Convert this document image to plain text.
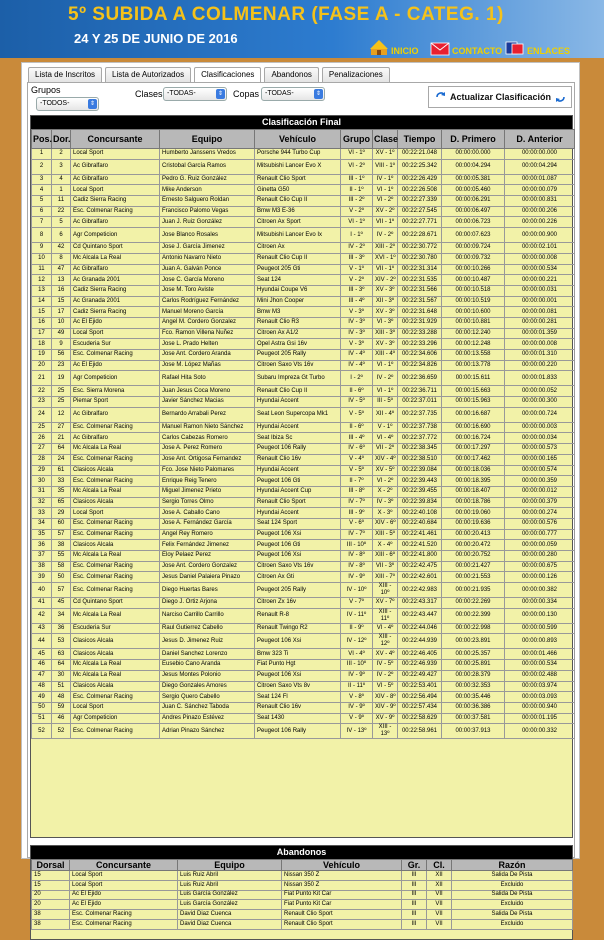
5º SUBIDA A COLMENAR (FASE A - CATEG. 1)
24 Y 25 DE JUNIO DE 2016
INICIO	CONTACTO	ENLACES
Lista de Inscritos	Lista de Autorizados	Clasificaciones	Abandonos	Penalizaciones
Grupos
-TODOS-	⇕
Clases -TODAS-	⇕ Copas -TODAS-	⇕	Actualizar Clasificación
Clasificación Final
Pos.	Dor.	Concursante	Equipo	Vehículo	Grupo	Clase	Tiempo	D. Primero	D. Anterior
1	2	Local Sport	Humberto Janssens Vredos	Porsche 944 Turbo Cup	VI - 1º	XV - 1º	00:22:21.048	00:00:00.000	00:00:00.000
2	3	Ac Gibralfaro	Cristobal García Ramos	Mitsubishi Lancer Evo X	VI - 2º	VIII - 1º	00:22:25.342	00:00:04.294	00:00:04.294
3	4	Ac Gibralfaro	Pedro G. Ruiz González	Renault Clio Sport	III - 1º	IV - 1º	00:22:26.429	00:00:05.381	00:00:01.087
4	1	Local Sport	Mike Anderson	Ginetta G50	II - 1º	VI - 1º	00:22:26.508	00:00:05.460	00:00:00.079
5	11	Cadiz Sierra Racing	Ernesto Salguero Roldan	Renault Clio Cup II	III - 2º	VI - 2º	00:22:27.339	00:00:06.291	00:00:00.831
6	22	Esc. Colmenar Racing	Francisco Palomo Vegas	Bmw M3 E-36	V - 2º	XV - 2º	00:22:27.545	00:00:06.497	00:00:00.206
7	5	Ac Gibralfaro	Juan J. Ruiz González	Citroen Ax Sport	VI - 1º	VII - 1º	00:22:27.771	00:00:06.723	00:00:00.226
8	6	Agr Competicion	Jose Blanco Rosales	Mitsubishi Lancer Evo Ix	I - 1º	IV - 2º	00:22:28.671	00:00:07.623	00:00:00.900
9	42	Cd Quintano Sport	Jose J. García Jimenez	Citroen Ax	IV - 2º	XIII - 2º	00:22:30.772	00:00:09.724	00:00:02.101
10	8	Mc Alcala La Real	Antonio Navarro Nieto	Renault Clio Cup II	III - 3º	XVI - 1º	00:22:30.780	00:00:09.732	00:00:00.008
11	47	Ac Gibralfaro	Juan A. Galván Ponce	Peugeot 205 Gti	V - 1º	VII - 1º	00:22:31.314	00:00:10.266	00:00:00.534
12	13	Ac Granada 2001	Jose C. García Moreno	Seat 124	V - 2º	XIV - 2º	00:22:31.535	00:00:10.487	00:00:00.221
13	16	Cadiz Sierra Racing	Jose M. Toro Aviste	Hyundai Coupe V6	III - 3º	XV - 3º	00:22:31.566	00:00:10.518	00:00:00.031
14	15	Ac Granada 2001	Carlos Rodríguez Fernández	Mini Jhon Cooper	III - 4º	XII - 3º	00:22:31.567	00:00:10.519	00:00:00.001
15	17	Cadiz Sierra Racing	Manuel Moreno García	Bmw M3	V - 3º	XV - 3º	00:22:31.648	00:00:10.600	00:00:00.081
16	10	Ac El Ejido	Angel M. Cordero Gonzalez	Renault Clio R3	IV - 3º	VI - 3º	00:22:31.929	00:00:10.881	00:00:00.281
17	49	Local Sport	Fco. Ramon Villena Nuñez	Citroen Ax A1/2	IV - 3º	XIII - 3º	00:22:33.288	00:00:12.240	00:00:01.359
18	9	Escuderia Sur	Jose L. Prado Helten	Opel Astra Gsi 16v	V - 3º	XV - 3º	00:22:33.296	00:00:12.248	00:00:00.008
19	56	Esc. Colmenar Racing	Jose Ant. Cordero Aranda	Peugeot 205 Rally	IV - 4º	XIII - 4º	00:22:34.606	00:00:13.558	00:00:01.310
20	23	Ac El Ejido	Jose M. López Mañas	Citroen Saxo Vts 16v	IV - 4º	VI - 1º	00:22:34.826	00:00:13.778	00:00:00.220
21	19	Agr Competicion	Rafael Hita Soto	Subaru Impreza Gt Turbo	I - 2º	IV - 2º	00:22:36.659	00:00:15.611	00:00:01.833
22	25	Esc. Sierra Morena	Juan Jesus Coca Moreno	Renault Clio Cup II	II - 6º	VI - 1º	00:22:36.711	00:00:15.663	00:00:00.052
23	25	Piemar Sport	Javier Sánchez Macias	Hyundai Accent	IV - 5º	III - 5º	00:22:37.011	00:00:15.963	00:00:00.300
24	12	Ac Gibralfaro	Bernardo Arrabali Perez	Seat Leon Supercopa Mk1	V - 5º	XII - 4º	00:22:37.735	00:00:16.687	00:00:00.724
25	27	Esc. Colmenar Racing	Manuel Ramon Nieto Sánchez	Hyundai Accent	II - 6º	V - 1º	00:22:37.738	00:00:16.690	00:00:00.003
26	21	Ac Gibralfaro	Carlos Cabezas Romero	Seat Ibiza Sc	III - 4º	VI - 4º	00:22:37.772	00:00:16.724	00:00:00.034
27	64	Mc Alcala La Real	Jose A. Perez Romero	Peugeot 106 Rally	IV - 6º	VII - 2º	00:22:38.345	00:00:17.297	00:00:00.573
28	24	Esc. Colmenar Racing	Jose Ant. Ortigosa Fernandez	Renault Clio 16v	V - 4º	XIV - 4º	00:22:38.510	00:00:17.462	00:00:00.165
29	61	Clasicos Alcala	Fco. Jose Nieto Palomares	Hyundai Accent	V - 5º	XV - 5º	00:22:39.084	00:00:18.036	00:00:00.574
30	33	Esc. Colmenar Racing	Enrique Reig Tenero	Peugeot 106 Gti	II - 7º	VI - 2º	00:22:39.443	00:00:18.395	00:00:00.359
31	35	Mc Alcala La Real	Miguel Jimenez Prieto	Hyundai Accent Cup	III - 8º	X - 2º	00:22:39.455	00:00:18.407	00:00:00.012
32	65	Clasicos Alcala	Sergio Torres Olmo	Renault Clio Sport	IV - 7º	IV - 3º	00:22:39.834	00:00:18.786	00:00:00.379
33	29	Local Sport	Jose A. Caballo Cano	Hyundai Accent	III - 9º	X - 3º	00:22:40.108	00:00:19.060	00:00:00.274
34	60	Esc. Colmenar Racing	Jose A. Fernández García	Seat 124 Sport	V - 6º	XIV - 6º	00:22:40.684	00:00:19.636	00:00:00.576
35	57	Esc. Colmenar Racing	Angel Rey Romero	Peugeot 106 Xsi	IV - 7º	XIII - 5º	00:22:41.461	00:00:20.413	00:00:00.777
36	38	Clasicos Alcala	Felix Fernández Jimenez	Peugeot 106 Gti	III - 10º	X - 4º	00:22:41.520	00:00:20.472	00:00:00.059
37	55	Mc Alcala La Real	Eloy Pelaez Perez	Peugeot 106 Xsi	IV - 8º	XIII - 6º	00:22:41.800	00:00:20.752	00:00:00.280
38	58	Esc. Colmenar Racing	Jose Ant. Cordero Gonzalez	Citroen Saxo Vts 16v	IV - 8º	VII - 3º	00:22:42.475	00:00:21.427	00:00:00.675
39	50	Esc. Colmenar Racing	Jesus Daniel Palaiera Pinazo	Citroen Ax Gti	IV - 9º	XIII - 7º	00:22:42.601	00:00:21.553	00:00:00.126
40	57	Esc. Colmenar Racing	Diego Huertas Bares	Peugeot 205 Rally	IV - 10º	XIII - 10º	00:22:42.983	00:00:21.935	00:00:00.382
41	45	Cd Quintano Sport	Diego J. Ortiz Arjona	Citroen Zx 16v	V - 7º	XV - 7º	00:22:43.317	00:00:22.269	00:00:00.334
42	34	Mc Alcala La Real	Narciso Carrillo Carrillo	Renault R-8	IV - 11º	XIII - 11º	00:22:43.447	00:00:22.399	00:00:00.130
43	36	Escuderia Sur	Raul Gutierrez Cabello	Renault Twingo R2	II - 9º	VI - 4º	00:22:44.046	00:00:22.998	00:00:00.599
44	53	Clasicos Alcala	Jesus D. Jimenez Ruiz	Peugeot 106 Xsi	IV - 12º	XIII - 12º	00:22:44.939	00:00:23.891	00:00:00.893
45	63	Clasicos Alcala	Daniel Sanchez Lorenzo	Bmw 323 Ti	VI - 4º	XV - 4º	00:22:46.405	00:00:25.357	00:00:01.466
46	64	Mc Alcala La Real	Eusebio Cano Aranda	Fiat Punto Hgt	III - 10º	IV - 5º	00:22:46.939	00:00:25.891	00:00:00.534
47	30	Mc Alcala La Real	Jesus Montes Polonio	Peugeot 106 Xsi	IV - 9º	IV - 2º	00:22:49.427	00:00:28.379	00:00:02.488
48	51	Clasicos Alcala	Diego Gonzales Amores	Citroen Saxo Vts 8v	II - 11º	VI - 5º	00:22:53.401	00:00:32.353	00:00:03.974
49	48	Esc. Colmenar Racing	Sergio Quero Cabello	Seat 124 Fl	V - 8º	XIV - 8º	00:22:56.494	00:00:35.446	00:00:03.093
50	59	Local Sport	Juan C. Sánchez Taboda	Renault Clio 16v	IV - 9º	XIV - 9º	00:22:57.434	00:00:36.386	00:00:00.940
51	46	Agr Competicion	Andres Pinazo Estévez	Seat 1430	V - 9º	XV - 9º	00:22:58.629	00:00:37.581	00:00:01.195
52	52	Esc. Colmenar Racing	Adrian Pinazo Sánchez	Peugeot 106 Rally	IV - 13º	XIII - 13º	00:22:58.961	00:00:37.913	00:00:00.332
Abandonos
Dorsal	Concursante	Equipo	Vehículo	Gr.	Cl.	Razón
15	Local Sport	Luis Ruiz Abril	Nissan 350 Z	III	XII	Salida De Pista
15	Local Sport	Luis Ruiz Abril	Nissan 350 Z	III	XII	Excluido
20	Ac El Ejido	Luis García González	Fiat Punto Kit Car	III	VII	Salida De Pista
20	Ac El Ejido	Luis García González	Fiat Punto Kit Car	III	VII	Excluido
38	Esc. Colmenar Racing	David Diaz Cuenca	Renault Clio Sport	III	VII	Salida De Pista
38	Esc. Colmenar Racing	David Diaz Cuenca	Renault Clio Sport	III	VII	Excluido
